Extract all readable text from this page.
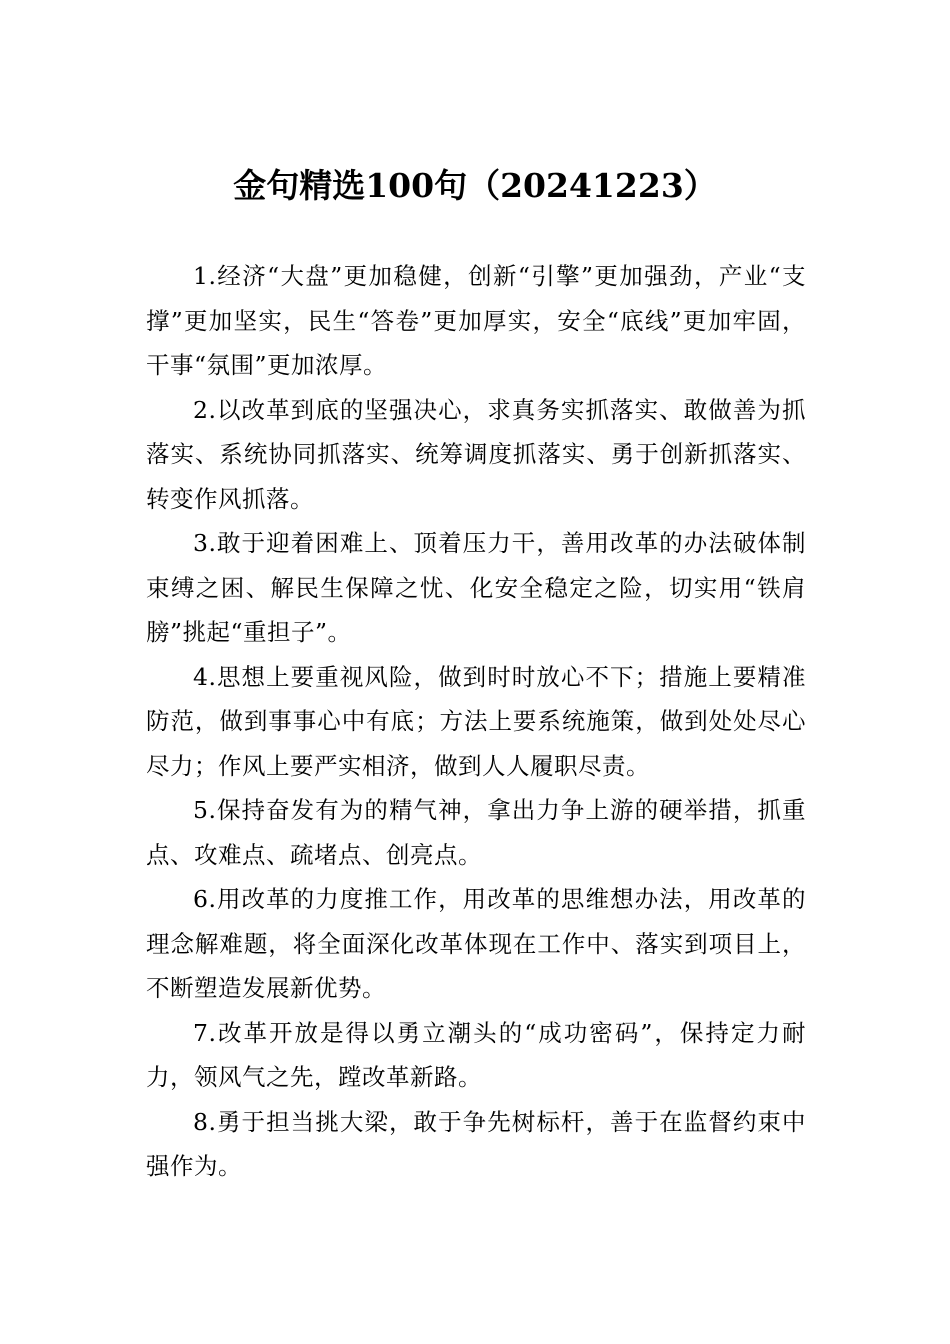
金句精选100句（20241223）

1.经济“大盘”更加稳健，创新“引擎”更加强劲，产业“支撑”更加坚实，民生“答卷”更加厚实，安全“底线”更加牢固，干事“氛围”更加浓厚。

2.以改革到底的坚强决心，求真务实抓落实、敢做善为抓落实、系统协同抓落实、统筹调度抓落实、勇于创新抓落实、转变作风抓落。

3.敢于迎着困难上、顶着压力干，善用改革的办法破体制束缚之困、解民生保障之忧、化安全稳定之险，切实用“铁肩膀”挑起“重担子”。

4.思想上要重视风险，做到时时放心不下；措施上要精准防范，做到事事心中有底；方法上要系统施策，做到处处尽心尽力；作风上要严实相济，做到人人履职尽责。

5.保持奋发有为的精气神，拿出力争上游的硬举措，抓重点、攻难点、疏堵点、创亮点。

6.用改革的力度推工作，用改革的思维想办法，用改革的理念解难题，将全面深化改革体现在工作中、落实到项目上，不断塑造发展新优势。

7.改革开放是得以勇立潮头的“成功密码”，保持定力耐力，领风气之先，蹚改革新路。

8.勇于担当挑大梁，敢于争先树标杆，善于在监督约束中强作为。
